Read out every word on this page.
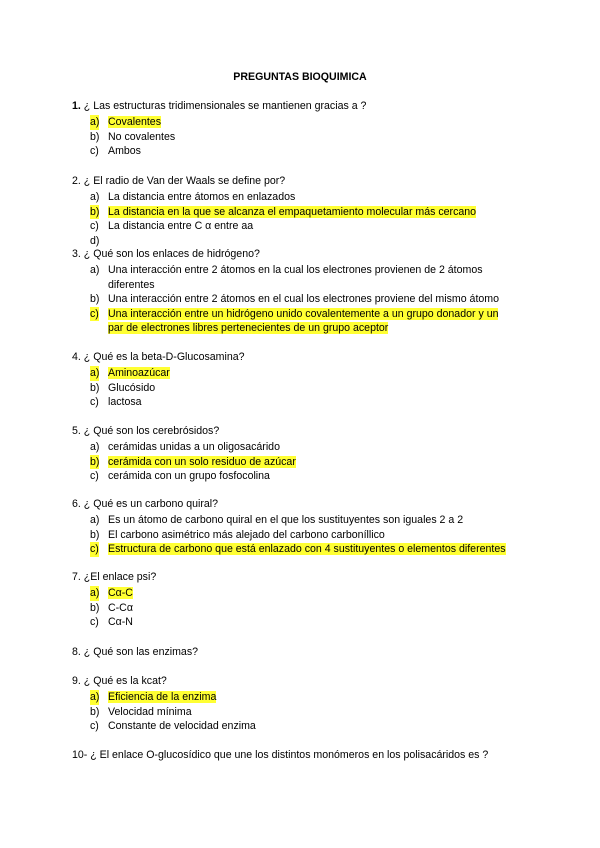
PREGUNTAS BIOQUIMICA
1. ¿ Las estructuras tridimensionales se mantienen gracias a ?
a) Covalentes
b) No covalentes
c) Ambos
2. ¿ El radio de Van der Waals se define por?
a) La distancia entre átomos en enlazados
b) La distancia en la que se alcanza el empaquetamiento molecular más cercano
c) La distancia entre C α entre aa
d)
3. ¿ Qué son los enlaces de hidrógeno?
a) Una interacción entre 2 átomos en la cual los electrones provienen de 2 átomos
diferentes
b) Una interacción entre 2 átomos en el cual los electrones proviene del mismo átomo
c) Una interacción entre un hidrógeno unido covalentemente a un grupo donador y un
par de electrones libres pertenecientes de un grupo aceptor
4. ¿ Qué es la beta-D-Glucosamina?
a) Aminoazúcar
b) Glucósido
c) lactosa
5. ¿ Qué son los cerebrósidos?
a) cerámidas unidas a un oligosacárido
b) cerámida con un solo residuo de azúcar
c) cerámida con un grupo fosfocolina
6. ¿ Qué es un carbono quiral?
a) Es un átomo de carbono quiral en el que los sustituyentes son iguales 2 a 2
b) El carbono asimétrico más alejado del carbono carboníllico
c) Estructura de carbono que está enlazado con 4 sustituyentes o elementos diferentes
7. ¿El enlace psi?
a) Cα-C
b) C-Cα
c) Cα-N
8. ¿ Qué son las enzimas?
9. ¿ Qué es la kcat?
a) Eficiencia de la enzima
b) Velocidad mínima
c) Constante de velocidad enzima
10- ¿ El enlace O-glucosídico que une los distintos monómeros en los polisacáridos es ?
